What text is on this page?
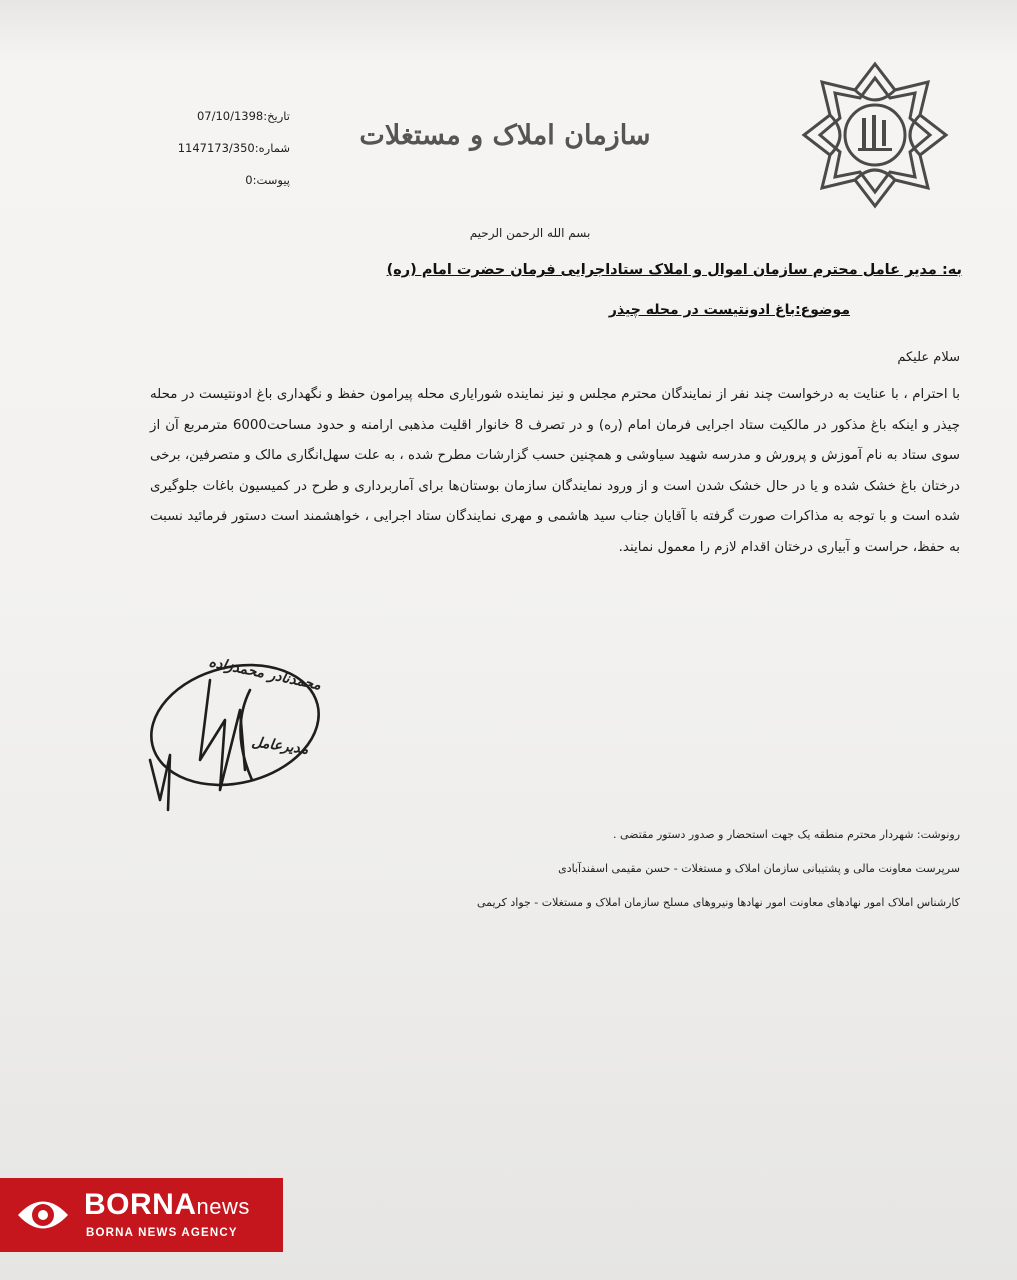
تاریخ:07/10/1398
شماره:1147173/350
پیوست:0
سازمان املاک و مستغلات
بسم الله الرحمن الرحیم
به: مدیر عامل محترم سازمان اموال و املاک ستاداجرایی فرمان حضرت امام (ره)
موضوع:باغ ادونتیست در محله چیذر
سلام علیکم
با احترام ، با عنایت به درخواست چند نفر از نمایندگان محترم مجلس و نیز نماینده شورایاری محله پیرامون حفظ و نگهداری باغ ادونتیست در محله چیذر و اینکه باغ مذکور در مالکیت ستاد اجرایی فرمان امام (ره) و در تصرف 8 خانوار اقلیت مذهبی ارامنه و حدود مساحت6000 مترمربع آن از سوی ستاد به نام آموزش و پرورش و مدرسه شهید سیاوشی و همچنین حسب گزارشات مطرح شده ، به علت سهل‌انگاری مالک و متصرفین، برخی درختان باغ خشک شده و یا در حال خشک شدن است و از ورود نمایندگان سازمان بوستان‌ها برای آماربرداری و طرح در کمیسیون باغات جلوگیری شده است و با توجه به مذاکرات صورت گرفته با آقایان جناب سید هاشمی و مهری نمایندگان ستاد اجرایی ، خواهشمند است دستور فرمائید نسبت به حفظ، حراست و آبیاری درختان اقدام لازم را معمول نمایند.
محمدنادر محمدزاده
مدیرعامل
رونوشت: شهردار محترم منطقه یک جهت استحضار و صدور دستور مقتضی .
سرپرست معاونت مالی و پشتیبانی سازمان املاک و مستغلات - حسن مقیمی اسفندآبادی
کارشناس املاک امور نهادهای معاونت امور نهادها ونیروهای مسلح سازمان املاک و مستغلات - جواد کریمی
BORNAnews
BORNA NEWS AGENCY
